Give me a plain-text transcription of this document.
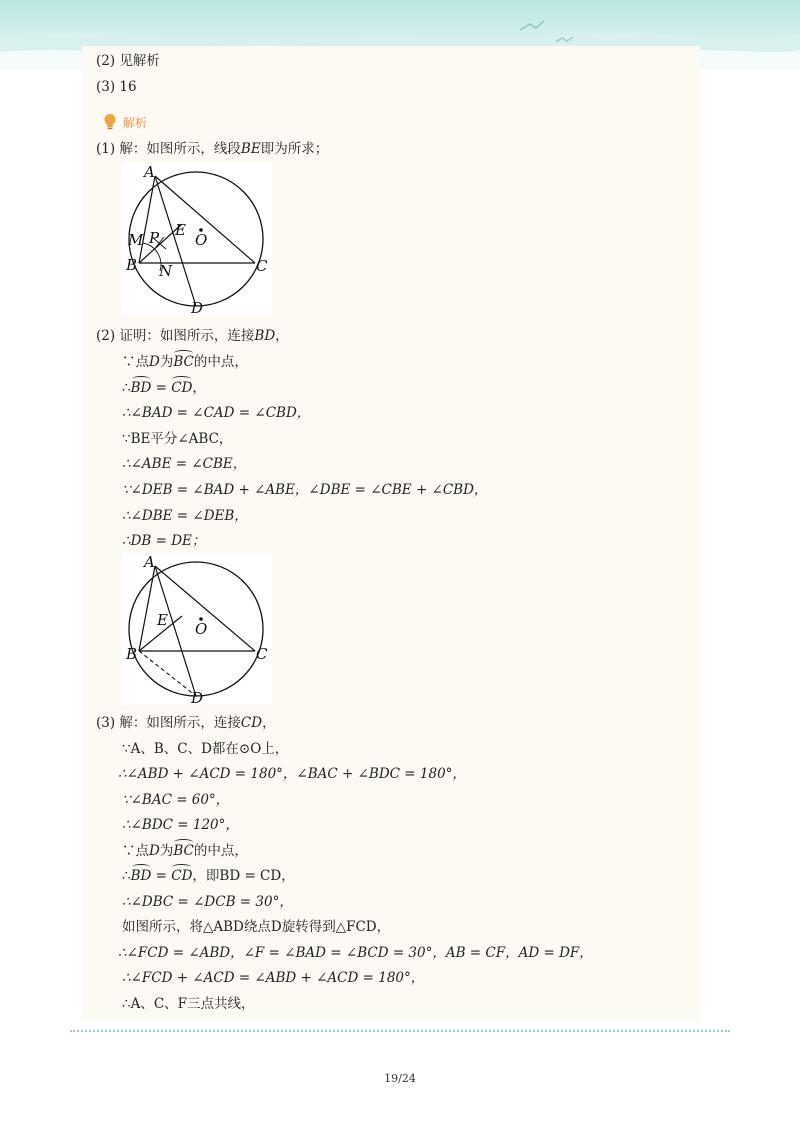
(2) 见解析
(3) 16
解析
(1) 解：如图所示，线段BE即为所求；
A
B	C
D
E
O
M P
N
(2) 证明：如图所示，连接BD，
∵点D为BC的中点，
∴BD = CD，
∴∠BAD = ∠CAD = ∠CBD，
∵BE平分∠ABC，
∴∠ABE = ∠CBE，
∵∠DEB = ∠BAD + ∠ABE，∠DBE = ∠CBE + ∠CBD，
∴∠DBE = ∠DEB，
∴DB = DE；
A
B	C
D
E O
(3) 解：如图所示，连接CD，
∵A、B、C、D都在⊙O上，
∴∠ABD + ∠ACD = 180°，∠BAC + ∠BDC = 180°，
∵∠BAC = 60°，
∴∠BDC = 120°，
∵点D为BC的中点，
∴BD = CD，即BD = CD，
∴∠DBC = ∠DCB = 30°，
如图所示，将△ABD绕点D旋转得到△FCD，
∴∠FCD = ∠ABD，∠F = ∠BAD = ∠BCD = 30°，AB = CF，AD = DF，
∴∠FCD + ∠ACD = ∠ABD + ∠ACD = 180°，
∴A、C、F三点共线，
19/24
